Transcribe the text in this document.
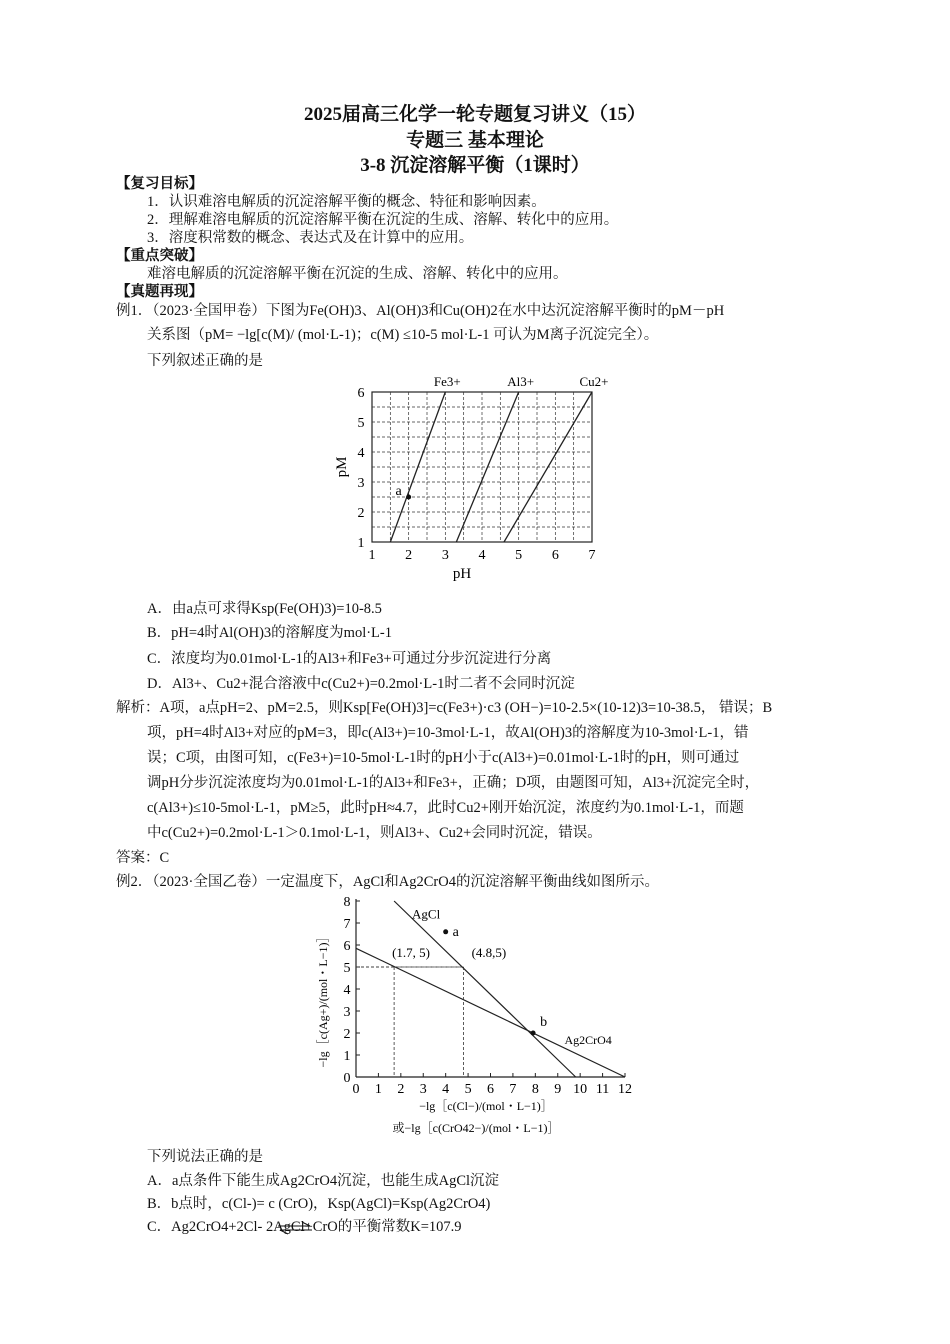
2025届高三化学一轮专题复习讲义（15）
专题三 基本理论
3-8 沉淀溶解平衡（1课时）
【复习目标】
1．认识难溶电解质的沉淀溶解平衡的概念、特征和影响因素。
2．理解难溶电解质的沉淀溶解平衡在沉淀的生成、溶解、转化中的应用。
3．溶度积常数的概念、表达式及在计算中的应用。
【重点突破】
难溶电解质的沉淀溶解平衡在沉淀的生成、溶解、转化中的应用。
【真题再现】
例1．（2023·全国甲卷）下图为Fe(OH)3、Al(OH)3和Cu(OH)2在水中达沉淀溶解平衡时的pM－pH
关系图（pM= −lg[c(M)/ (mol·L-1)；c(M) ≤10-5 mol·L-1 可认为M离子沉淀完全）。
下列叙述正确的是
1 2 3 4 5 6 7
1
2
3
4
5
6
pH
pM
Fe3+	Al3+	Cu2+
a
A．由a点可求得Ksp(Fe(OH)3)=10-8.5
B．pH=4时Al(OH)3的溶解度为mol·L-1
C．浓度均为0.01mol·L-1的Al3+和Fe3+可通过分步沉淀进行分离
D．Al3+、Cu2+混合溶液中c(Cu2+)=0.2mol·L-1时二者不会同时沉淀
解析：A项，a点pH=2、pM=2.5，则Ksp[Fe(OH)3]=c(Fe3+)·c3 (OH−)=10-2.5×(10-12)3=10-38.5， 错误；B
项，pH=4时Al3+对应的pM=3，即c(Al3+)=10-3mol·L-1，故Al(OH)3的溶解度为10-3mol·L-1，错
误；C项，由图可知，c(Fe3+)=10-5mol·L-1时的pH小于c(Al3+)=0.01mol·L-1时的pH，则可通过
调pH分步沉淀浓度均为0.01mol·L-1的Al3+和Fe3+，正确；D项，由题图可知，Al3+沉淀完全时，
c(Al3+)≤10-5mol·L-1，pM≥5，此时pH≈4.7，此时Cu2+刚开始沉淀，浓度约为0.1mol·L-1，而题
中c(Cu2+)=0.2mol·L-1＞0.1mol·L-1，则Al3+、Cu2+会同时沉淀，错误。
答案：C
例2．（2023·全国乙卷）一定温度下，AgCl和Ag2CrO4的沉淀溶解平衡曲线如图所示。
0 1 2 3 4 5 6 7 8 9 10 11 12
0
1
2
3
4
5
6
7
8
AgCl
Ag2CrO4
(1.7, 5)	(4.8,5)
a
b
−lg［c(Cl−)/(mol・L−1)］
或−lg［c(CrO42−)/(mol・L−1)］
−lg［c(Ag+)/(mol・L−1)］
下列说法正确的是
A．a点条件下能生成Ag2CrO4沉淀，也能生成AgCl沉淀
B．b点时，c(Cl-)= c (CrO)，Ksp(AgCl)=Ksp(Ag2CrO4)
C．Ag2CrO4+2Cl- 2AgCl+CrO的平衡常数K=107.9
